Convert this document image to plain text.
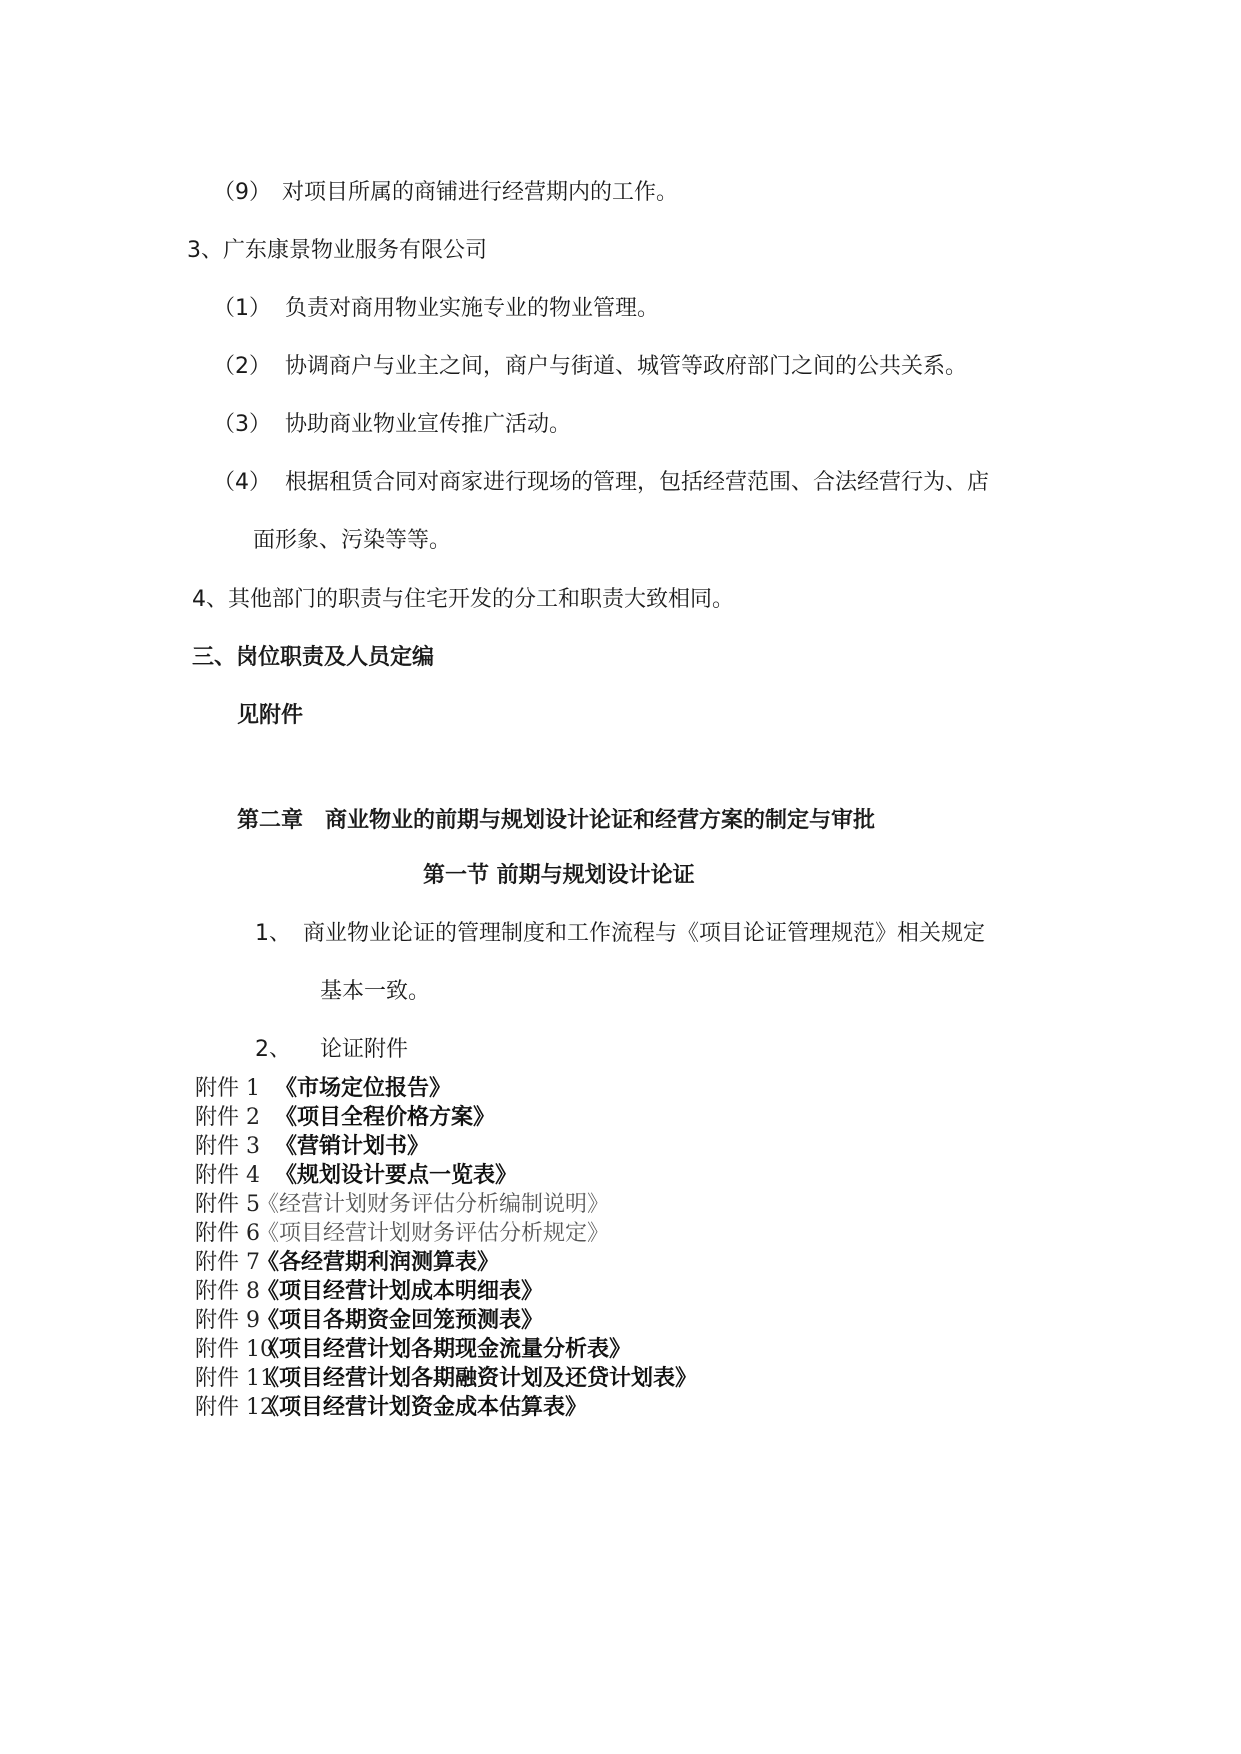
（9） 对项目所属的商铺进行经营期内的工作。
3、广东康景物业服务有限公司
（1） 负责对商用物业实施专业的物业管理。
（2） 协调商户与业主之间，商户与街道、城管等政府部门之间的公共关系。
（3） 协助商业物业宣传推广活动。
（4） 根据租赁合同对商家进行现场的管理，包括经营范围、合法经营行为、店
面形象、污染等等。
4、其他部门的职责与住宅开发的分工和职责大致相同。
三、岗位职责及人员定编
见附件
第二章　商业物业的前期与规划设计论证和经营方案的制定与审批
第一节 前期与规划设计论证
1、 商业物业论证的管理制度和工作流程与《项目论证管理规范》相关规定
基本一致。
2、 论证附件
附件 1 《市场定位报告》
附件 2 《项目全程价格方案》
附件 3 《营销计划书》
附件 4 《规划设计要点一览表》
附件 5
《经营计划财务评估分析编制说明》
附件 6
《项目经营计划财务评估分析规定》
附件 7
《各经营期利润测算表》
附件 8
《项目经营计划成本明细表》
附件 9
《项目各期资金回笼预测表》
附件 10
《项目经营计划各期现金流量分析表》
附件 11
《项目经营计划各期融资计划及还贷计划表》
附件 12
《项目经营计划资金成本估算表》
